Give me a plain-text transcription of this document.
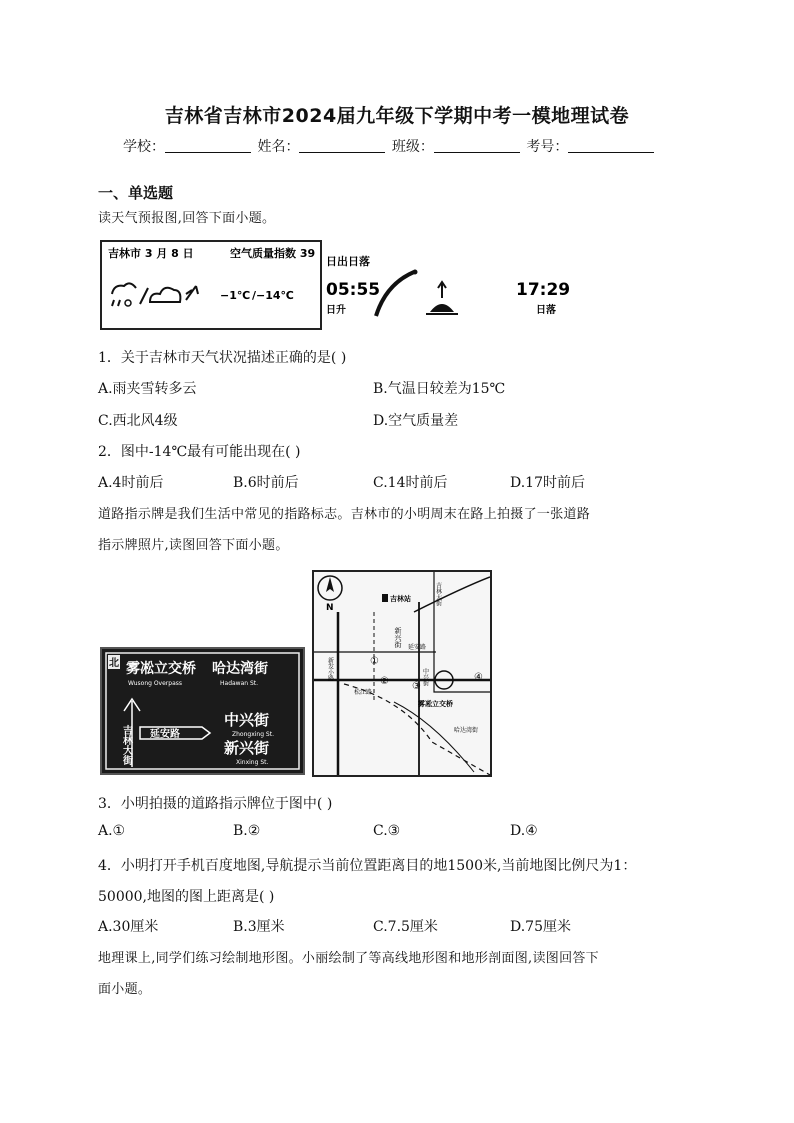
吉林省吉林市2024届九年级下学期中考一模地理试卷
学校：	姓名：	班级：	考号：
一、单选题
读天气预报图,回答下面小题。
吉林市 3 月 8 日	空气质量指数 39
−1℃ /−14℃
日出日落
05:55
日升
17:29
日落
1．关于吉林市天气状况描述正确的是( )
A.雨夹雪转多云	B.气温日较差为15℃
C.西北风4级	D.空气质量差
2．图中-14℃最有可能出现在( )
A.4时前后	B.6时前后	C.14时前后	D.17时前后
道路指示牌是我们生活中常见的指路标志。吉林市的小明周末在路上拍摄了一张道路
指示牌照片,读图回答下面小题。
北 雾凇立交桥
Wusong Overpass
哈达湾街
Hadawan St.
吉林大街 延安路
中兴街
Zhongxing St.
新兴街
Xinxing St.
N
吉林站	吉林大街
新兴街 延安路
中兴街
新发小路
松江路
雾凇立交桥
哈达湾街
①
② ③
④
3．小明拍摄的道路指示牌位于图中( )
A.①	B.②	C.③	D.④
4．小明打开手机百度地图,导航提示当前位置距离目的地1500米,当前地图比例尺为1：
50000,地图的图上距离是( )
A.30厘米	B.3厘米	C.7.5厘米	D.75厘米
地理课上,同学们练习绘制地形图。小丽绘制了等高线地形图和地形剖面图,读图回答下
面小题。
